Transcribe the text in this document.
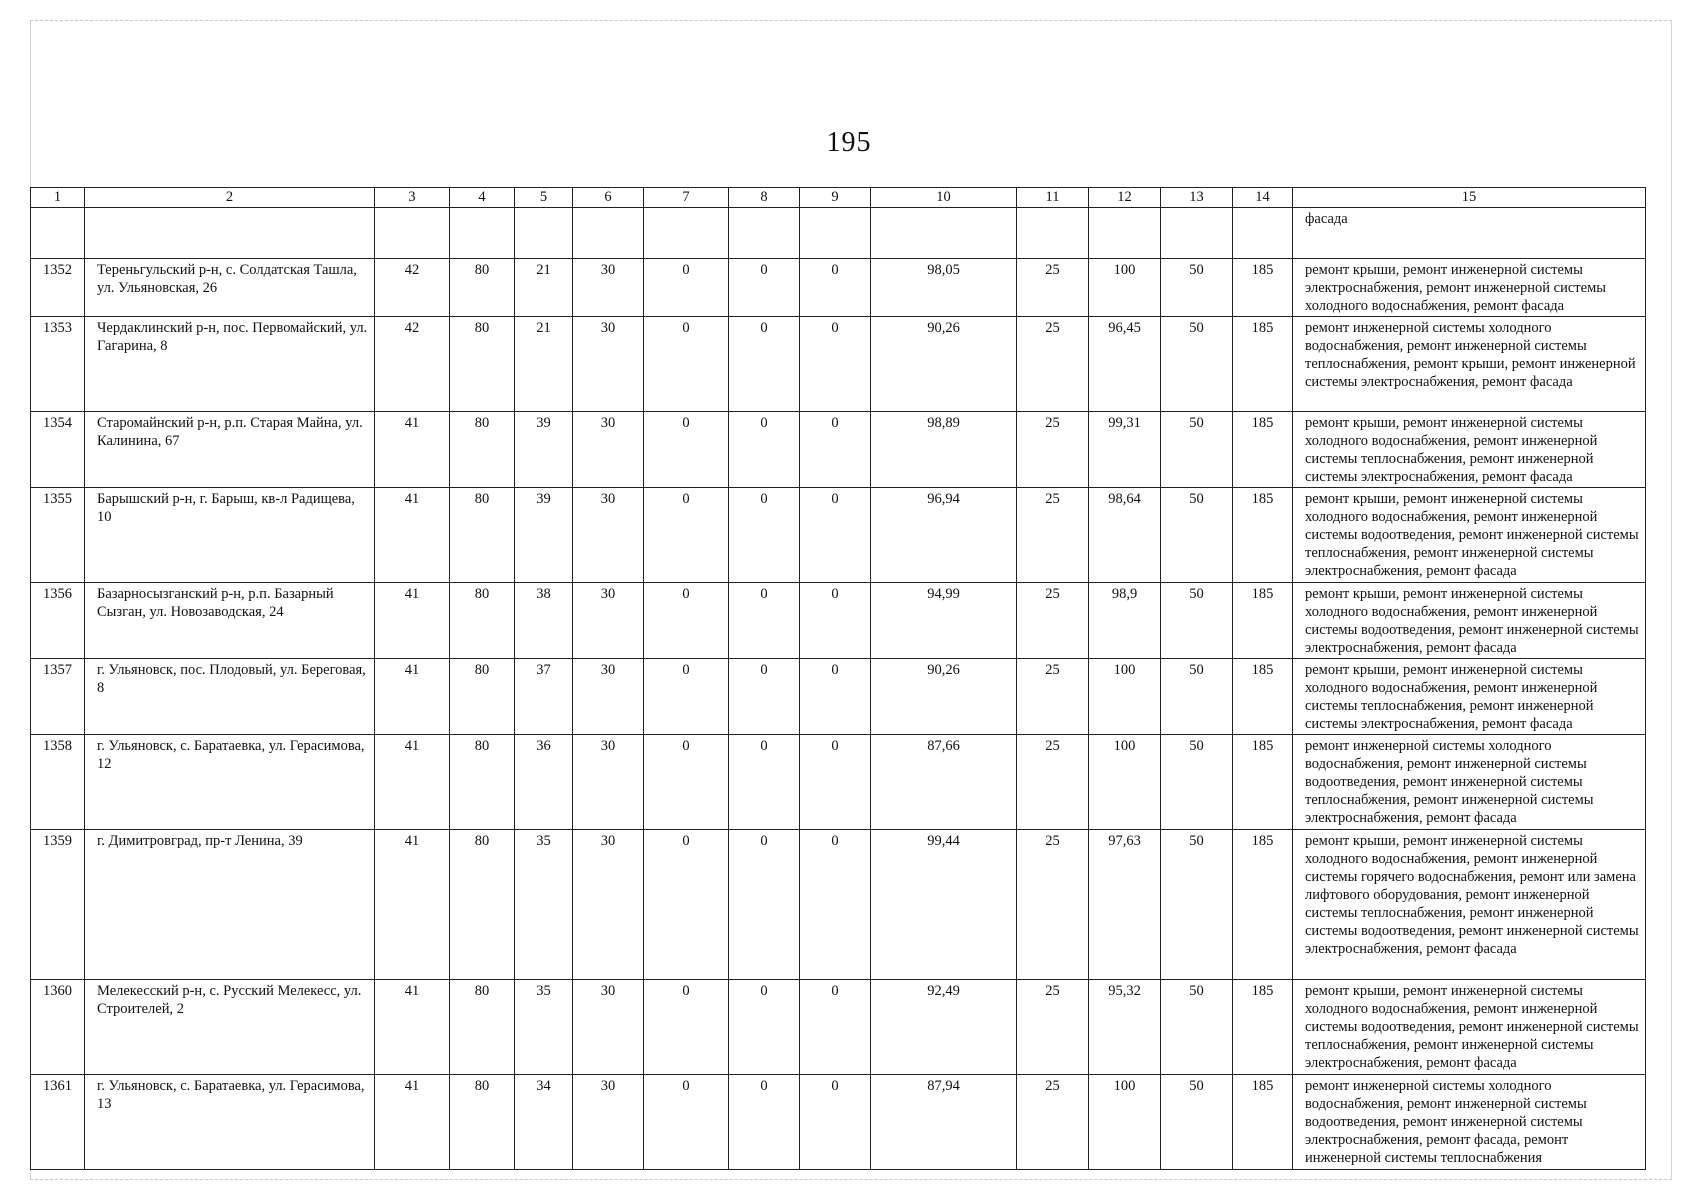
195
1	2	3	4	5	6	7	8	9	10	11	12	13	14	15
														фасада
1352	Тереньгульский р-н, с. Солдатская Ташла, ул. Ульяновская, 26	42	80	21	30	0	0	0	98,05	25	100	50	185	ремонт крыши, ремонт инженерной системы электроснабжения, ремонт инженерной системы холодного водоснабжения, ремонт фасада
1353	Чердаклинский р-н, пос. Первомайский, ул. Гагарина, 8	42	80	21	30	0	0	0	90,26	25	96,45	50	185	ремонт инженерной системы холодного водоснабжения, ремонт инженерной системы теплоснабжения, ремонт крыши, ремонт инженерной системы электроснабжения, ремонт фасада
1354	Старомайнский р-н, р.п. Старая Майна, ул. Калинина, 67	41	80	39	30	0	0	0	98,89	25	99,31	50	185	ремонт крыши, ремонт инженерной системы холодного водоснабжения, ремонт инженерной системы теплоснабжения, ремонт инженерной системы электроснабжения, ремонт фасада
1355	Барышский р-н, г. Барыш, кв-л Радищева, 10	41	80	39	30	0	0	0	96,94	25	98,64	50	185	ремонт крыши, ремонт инженерной системы холодного водоснабжения, ремонт инженерной системы водоотведения, ремонт инженерной системы теплоснабжения, ремонт инженерной системы электроснабжения, ремонт фасада
1356	Базарносызганский р-н, р.п. Базарный Сызган, ул. Новозаводская, 24	41	80	38	30	0	0	0	94,99	25	98,9	50	185	ремонт крыши, ремонт инженерной системы холодного водоснабжения, ремонт инженерной системы водоотведения, ремонт инженерной системы электроснабжения, ремонт фасада
1357	г. Ульяновск, пос. Плодовый, ул. Береговая, 8	41	80	37	30	0	0	0	90,26	25	100	50	185	ремонт крыши, ремонт инженерной системы холодного водоснабжения, ремонт инженерной системы теплоснабжения, ремонт инженерной системы электроснабжения, ремонт фасада
1358	г. Ульяновск, с. Баратаевка, ул. Герасимова, 12	41	80	36	30	0	0	0	87,66	25	100	50	185	ремонт инженерной системы холодного водоснабжения, ремонт инженерной системы водоотведения, ремонт инженерной системы теплоснабжения, ремонт инженерной системы электроснабжения, ремонт фасада
1359	г. Димитровград, пр-т Ленина, 39	41	80	35	30	0	0	0	99,44	25	97,63	50	185	ремонт крыши, ремонт инженерной системы холодного водоснабжения, ремонт инженерной системы горячего водоснабжения, ремонт или замена лифтового оборудования, ремонт инженерной системы теплоснабжения, ремонт инженерной системы водоотведения, ремонт инженерной системы электроснабжения, ремонт фасада
1360	Мелекесский р-н, с. Русский Мелекесс, ул. Строителей, 2	41	80	35	30	0	0	0	92,49	25	95,32	50	185	ремонт крыши, ремонт инженерной системы холодного водоснабжения, ремонт инженерной системы водоотведения, ремонт инженерной системы теплоснабжения, ремонт инженерной системы электроснабжения, ремонт фасада
1361	г. Ульяновск, с. Баратаевка, ул. Герасимова, 13	41	80	34	30	0	0	0	87,94	25	100	50	185	ремонт инженерной системы холодного водоснабжения, ремонт инженерной системы водоотведения, ремонт инженерной системы электроснабжения, ремонт фасада, ремонт инженерной системы теплоснабжения
